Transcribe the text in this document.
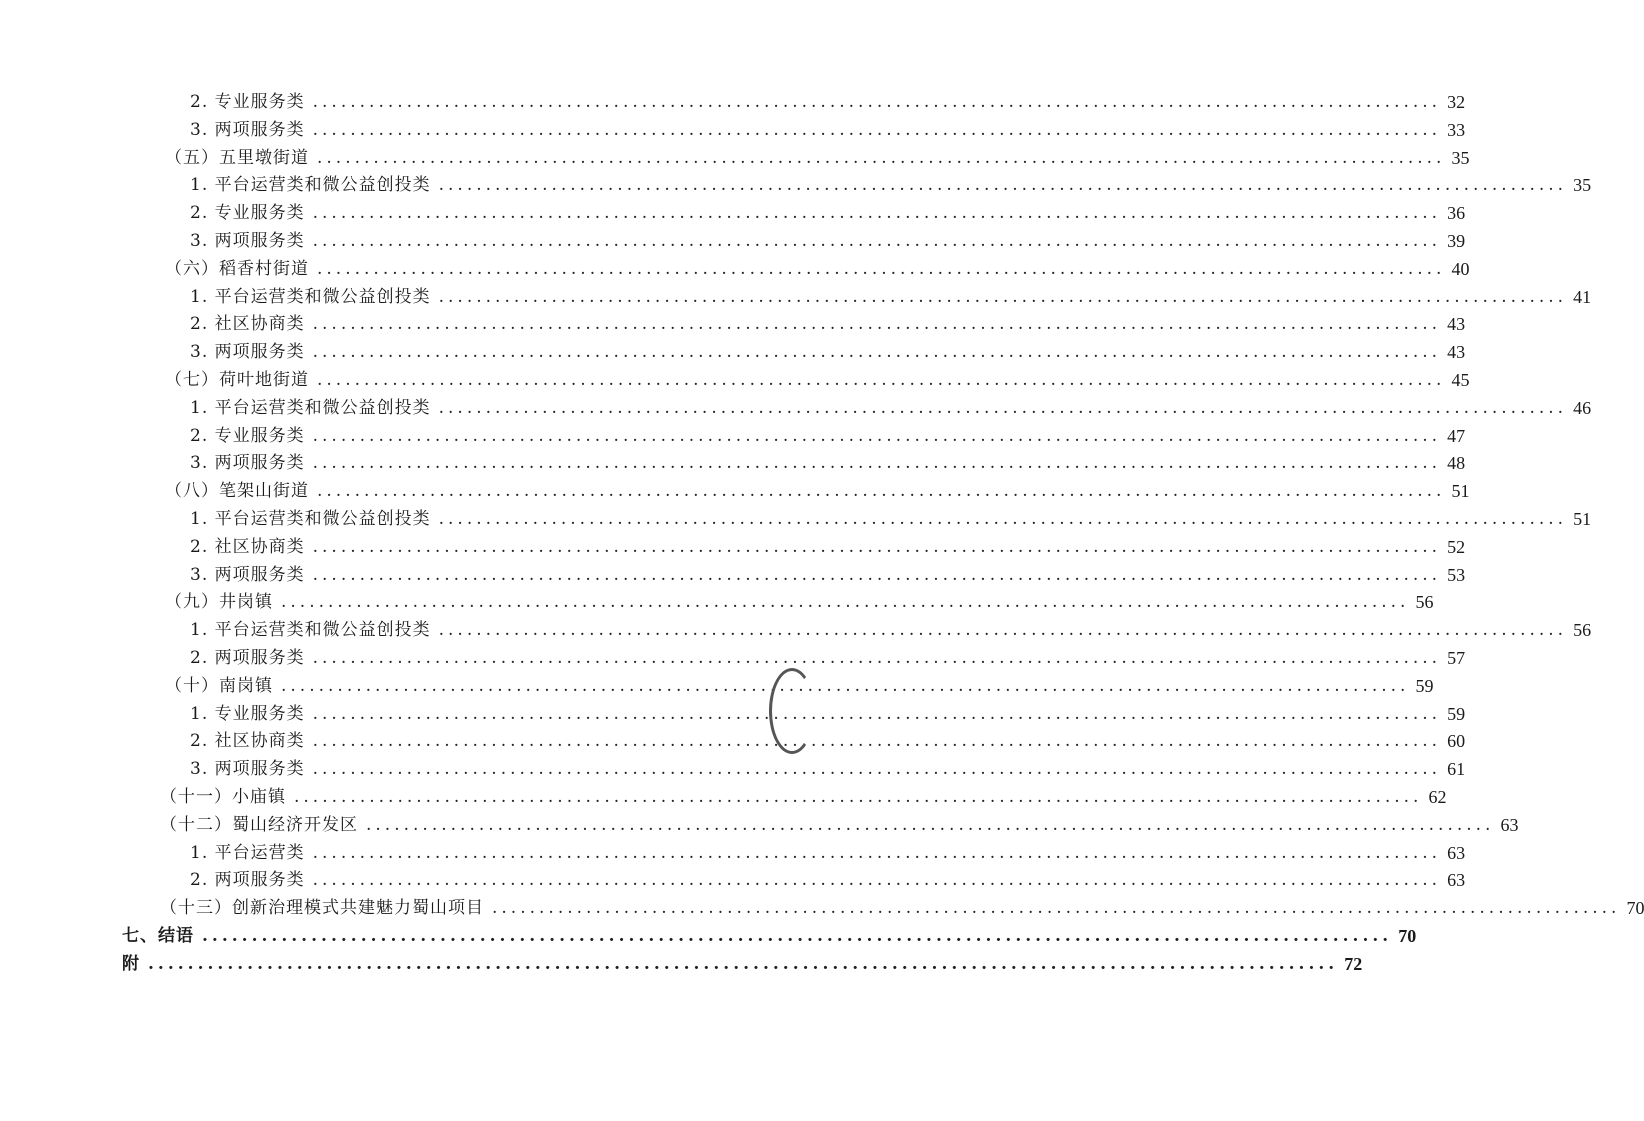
2. 专业服务类 ........................................................................................................................ 32
3. 两项服务类 ........................................................................................................................ 33
（五）五里墩街道 ........................................................................................................................ 35
1. 平台运营类和微公益创投类 ........................................................................................................................ 35
2. 专业服务类 ........................................................................................................................ 36
3. 两项服务类 ........................................................................................................................ 39
（六）稻香村街道 ........................................................................................................................ 40
1. 平台运营类和微公益创投类 ........................................................................................................................ 41
2. 社区协商类 ........................................................................................................................ 43
3. 两项服务类 ........................................................................................................................ 43
（七）荷叶地街道 ........................................................................................................................ 45
1. 平台运营类和微公益创投类 ........................................................................................................................ 46
2. 专业服务类 ........................................................................................................................ 47
3. 两项服务类 ........................................................................................................................ 48
（八）笔架山街道 ........................................................................................................................ 51
1. 平台运营类和微公益创投类 ........................................................................................................................ 51
2. 社区协商类 ........................................................................................................................ 52
3. 两项服务类 ........................................................................................................................ 53
（九）井岗镇 ........................................................................................................................ 56
1. 平台运营类和微公益创投类 ........................................................................................................................ 56
2. 两项服务类 ........................................................................................................................ 57
（十）南岗镇 ........................................................................................................................ 59
1. 专业服务类 ........................................................................................................................ 59
2. 社区协商类 ........................................................................................................................ 60
3. 两项服务类 ........................................................................................................................ 61
（十一）小庙镇 ........................................................................................................................ 62
（十二）蜀山经济开发区 ........................................................................................................................ 63
1. 平台运营类 ........................................................................................................................ 63
2. 两项服务类 ........................................................................................................................ 63
（十三）创新治理模式共建魅力蜀山项目 ........................................................................................................................ 70
七、结语 ........................................................................................................................ 70
附 ........................................................................................................................ 72
